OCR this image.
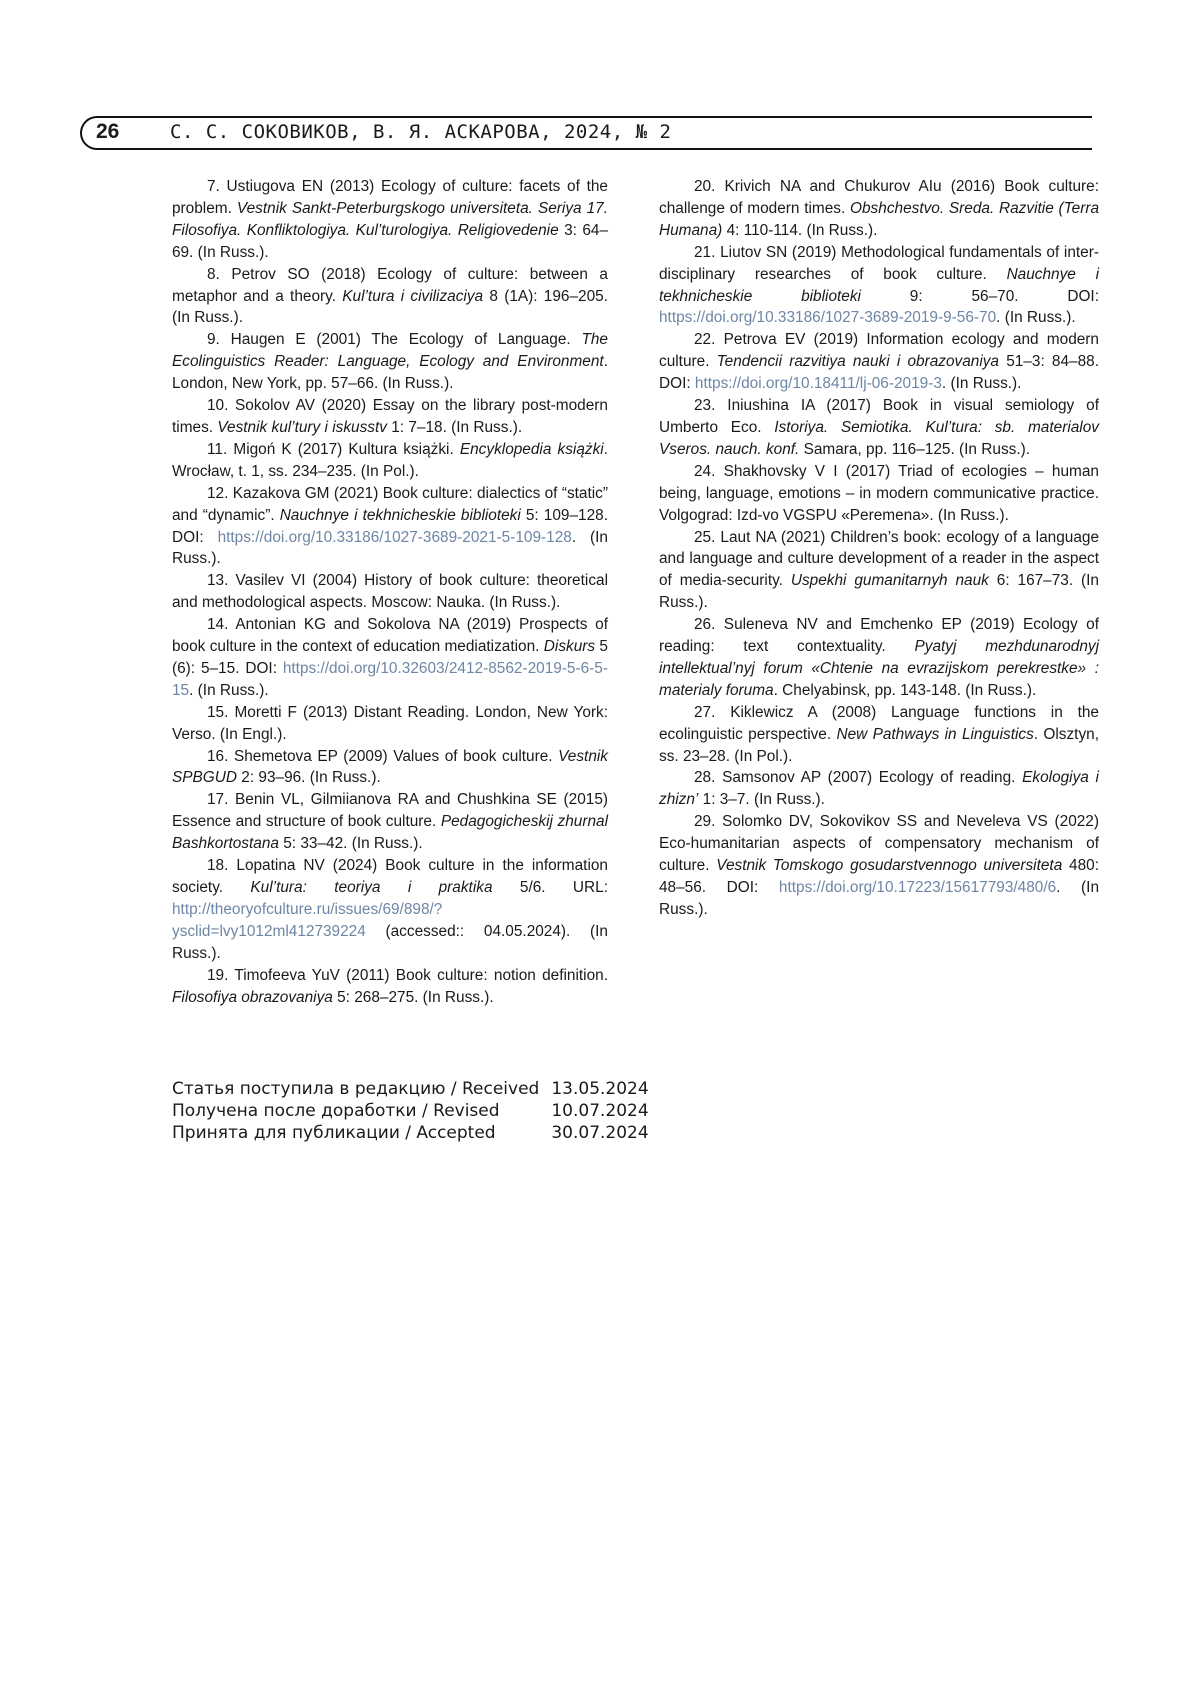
26	С. С. СОКОВИКОВ, В. Я. АСКАРОВА, 2024, № 2

7. Ustiugova EN (2013) Ecology of culture: facets of the problem. Vestnik Sankt-Peterburgskogo universiteta. Seriya 17. Filosofiya. Konfliktologiya. Kul’turologiya. Religiovedenie 3: 64–69. (In Russ.).

8. Petrov SO (2018) Ecology of culture: between a metaphor and a theory. Kul’tura i civilizaciya 8 (1A): 196–205. (In Russ.).

9. Haugen E (2001) The Ecology of Language. The Ecolinguistics Reader: Language, Ecology and Environment. London, New York, pp. 57–66. (In Russ.).

10. Sokolov AV (2020) Essay on the library post-modern times. Vestnik kul’tury i iskusstv 1: 7–18. (In Russ.).

11. Migoń K (2017) Kultura książki. Encyklopedia książki. Wrocław, t. 1, ss. 234–235. (In Pol.).

12. Kazakova GM (2021) Book culture: dialectics of “static” and “dynamic”. Nauchnye i tekhnicheskie biblioteki 5: 109–128. DOI: https://doi.org/10.33186/1027-3689-2021-5-109-128. (In Russ.).

13. Vasilev VI (2004) History of book culture: theoretical and methodological aspects. Moscow: Nauka. (In Russ.).

14. Antonian KG and Sokolova NA (2019) Prospects of book culture in the context of education mediatization. Diskurs 5 (6): 5–15. DOI: https://doi.org/10.32603/2412-8562-2019-5-6-5-15. (In Russ.).

15. Moretti F (2013) Distant Reading. London, New York: Verso. (In Engl.).

16. Shemetova EP (2009) Values of book culture. Vestnik SPBGUD 2: 93–96. (In Russ.).

17. Benin VL, Gilmiianova RA and Chushkina SE (2015) Essence and structure of book culture. Pedagogicheskij zhurnal Bashkortostana 5: 33–42. (In Russ.).

18. Lopatina NV (2024) Book culture in the information society. Kul’tura: teoriya i praktika 5/6. URL: http://theoryofculture.ru/issues/69/898/?ysclid=lvy1012ml412739224 (accessed:: 04.05.2024). (In Russ.).

19. Timofeeva YuV (2011) Book culture: notion definition. Filosofiya obrazovaniya 5: 268–275. (In Russ.).

20. Krivich NA and Chukurov AIu (2016) Book culture: challenge of modern times. Obshchestvo. Sreda. Razvitie (Terra Humana) 4: 110-114. (In Russ.).

21. Liutov SN (2019) Methodological fundamentals of inter-disciplinary researches of book culture. Nauchnye i tekhnicheskie biblioteki 9: 56–70. DOI: https://doi.org/10.33186/1027-3689-2019-9-56-70. (In Russ.).

22. Petrova EV (2019) Information ecology and modern culture. Tendencii razvitiya nauki i obrazovaniya 51–3: 84–88. DOI: https://doi.org/10.18411/lj-06-2019-3. (In Russ.).

23. Iniushina IA (2017) Book in visual semiology of Umberto Eco. Istoriya. Semiotika. Kul’tura: sb. materialov Vseros. nauch. konf. Samara, pp. 116–125. (In Russ.).

24. Shakhovsky V I (2017) Triad of ecologies – human being, language, emotions – in modern communicative practice. Volgograd: Izd-vo VGSPU «Peremena». (In Russ.).

25. Laut NA (2021) Children’s book: ecology of a language and language and culture development of a reader in the aspect of media-security. Uspekhi gumanitarnyh nauk 6: 167–73. (In Russ.).

26. Suleneva NV and Emchenko EP (2019) Ecology of reading: text contextuality. Pyatyj mezhdunarodnyj intellektual’nyj forum «Chtenie na evrazijskom perekrestke» : materialy foruma. Chelyabinsk, pp. 143-148. (In Russ.).

27. Kiklewicz A (2008) Language functions in the ecolinguistic perspective. New Pathways in Linguistics. Olsztyn, ss. 23–28. (In Pol.).

28. Samsonov AP (2007) Ecology of reading. Ekologiya i zhizn’ 1: 3–7. (In Russ.).

29. Solomko DV, Sokovikov SS and Neveleva VS (2022) Eco-humanitarian aspects of compensatory mechanism of culture. Vestnik Tomskogo gosudarstvennogo universiteta 480: 48–56. DOI: https://doi.org/10.17223/15617793/480/6. (In Russ.).

Статья поступила в редакцию / Received	13.05.2024
Получена после доработки / Revised	10.07.2024
Принята для публикации / Accepted	30.07.2024
